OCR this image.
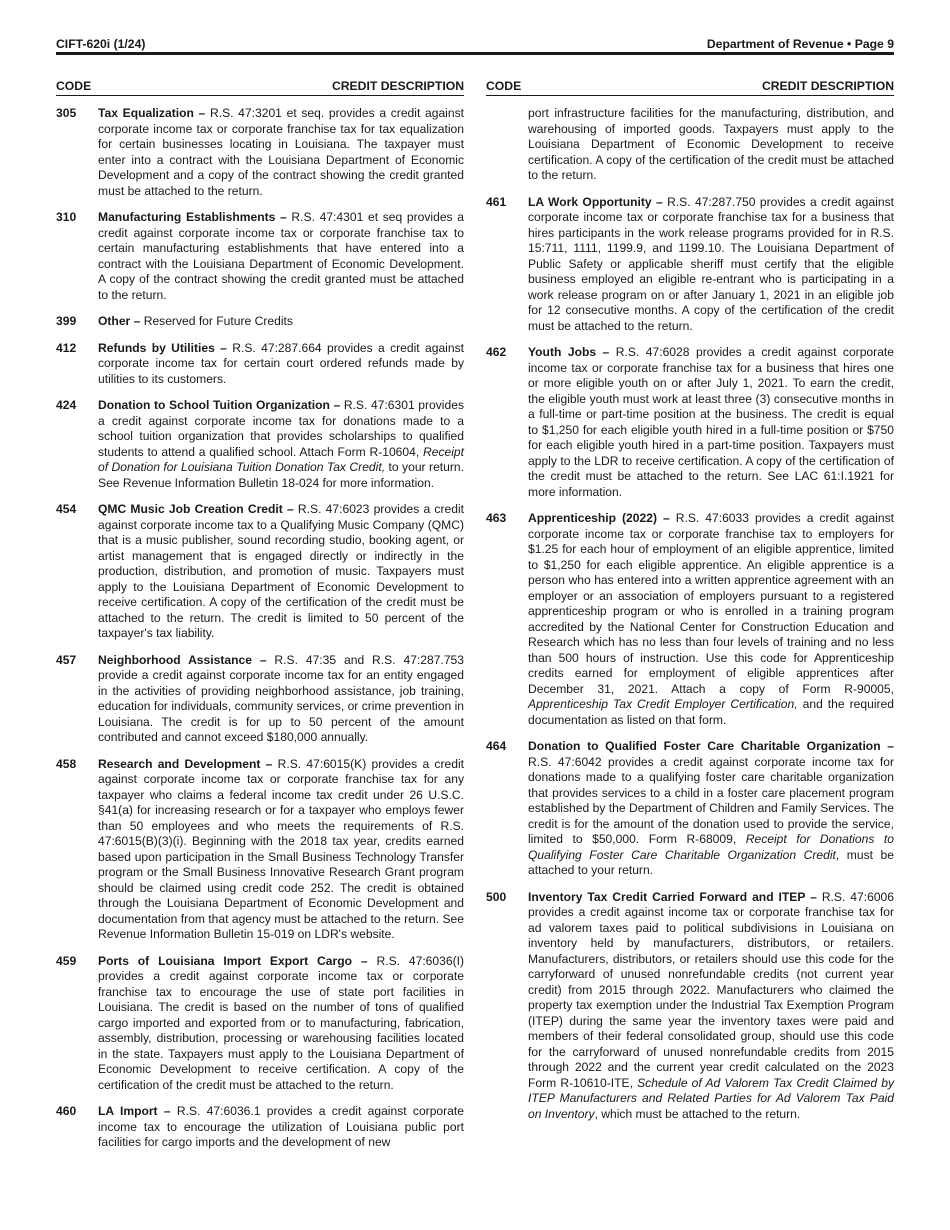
CIFT-620i (1/24)	Department of Revenue • Page 9
CODE	CREDIT DESCRIPTION
305	Tax Equalization – R.S. 47:3201 et seq. provides a credit against corporate income tax or corporate franchise tax for tax equalization for certain businesses locating in Louisiana. The taxpayer must enter into a contract with the Louisiana Department of Economic Development and a copy of the contract showing the credit granted must be attached to the return.
310	Manufacturing Establishments – R.S. 47:4301 et seq provides a credit against corporate income tax or corporate franchise tax to certain manufacturing establishments that have entered into a contract with the Louisiana Department of Economic Development. A copy of the contract showing the credit granted must be attached to the return.
399	Other – Reserved for Future Credits
412	Refunds by Utilities – R.S. 47:287.664 provides a credit against corporate income tax for certain court ordered refunds made by utilities to its customers.
424	Donation to School Tuition Organization – R.S. 47:6301 provides a credit against corporate income tax for donations made to a school tuition organization that provides scholarships to qualified students to attend a qualified school. Attach Form R-10604, Receipt of Donation for Louisiana Tuition Donation Tax Credit, to your return. See Revenue Information Bulletin 18-024 for more information.
454	QMC Music Job Creation Credit – R.S. 47:6023 provides a credit against corporate income tax to a Qualifying Music Company (QMC) that is a music publisher, sound recording studio, booking agent, or artist management that is engaged directly or indirectly in the production, distribution, and promotion of music. Taxpayers must apply to the Louisiana Department of Economic Development to receive certification. A copy of the certification of the credit must be attached to the return. The credit is limited to 50 percent of the taxpayer's tax liability.
457	Neighborhood Assistance – R.S. 47:35 and R.S. 47:287.753 provide a credit against corporate income tax for an entity engaged in the activities of providing neighborhood assistance, job training, education for individuals, community services, or crime prevention in Louisiana. The credit is for up to 50 percent of the amount contributed and cannot exceed $180,000 annually.
458	Research and Development – R.S. 47:6015(K) provides a credit against corporate income tax or corporate franchise tax for any taxpayer who claims a federal income tax credit under 26 U.S.C. §41(a) for increasing research or for a taxpayer who employs fewer than 50 employees and who meets the requirements of R.S. 47:6015(B)(3)(i). Beginning with the 2018 tax year, credits earned based upon participation in the Small Business Technology Transfer program or the Small Business Innovative Research Grant program should be claimed using credit code 252. The credit is obtained through the Louisiana Department of Economic Development and documentation from that agency must be attached to the return. See Revenue Information Bulletin 15-019 on LDR's website.
459	Ports of Louisiana Import Export Cargo – R.S. 47:6036(I) provides a credit against corporate income tax or corporate franchise tax to encourage the use of state port facilities in Louisiana. The credit is based on the number of tons of qualified cargo imported and exported from or to manufacturing, fabrication, assembly, distribution, processing or warehousing facilities located in the state. Taxpayers must apply to the Louisiana Department of Economic Development to receive certification. A copy of the certification of the credit must be attached to the return.
460	LA Import – R.S. 47:6036.1 provides a credit against corporate income tax to encourage the utilization of Louisiana public port facilities for cargo imports and the development of new
CODE	CREDIT DESCRIPTION
port infrastructure facilities for the manufacturing, distribution, and warehousing of imported goods. Taxpayers must apply to the Louisiana Department of Economic Development to receive certification. A copy of the certification of the credit must be attached to the return.
461	LA Work Opportunity – R.S. 47:287.750 provides a credit against corporate income tax or corporate franchise tax for a business that hires participants in the work release programs provided for in R.S. 15:711, 1111, 1199.9, and 1199.10. The Louisiana Department of Public Safety or applicable sheriff must certify that the eligible business employed an eligible re-entrant who is participating in a work release program on or after January 1, 2021 in an eligible job for 12 consecutive months. A copy of the certification of the credit must be attached to the return.
462	Youth Jobs – R.S. 47:6028 provides a credit against corporate income tax or corporate franchise tax for a business that hires one or more eligible youth on or after July 1, 2021. To earn the credit, the eligible youth must work at least three (3) consecutive months in a full-time or part-time position at the business. The credit is equal to $1,250 for each eligible youth hired in a full-time position or $750 for each eligible youth hired in a part-time position. Taxpayers must apply to the LDR to receive certification. A copy of the certification of the credit must be attached to the return. See LAC 61:I.1921 for more information.
463	Apprenticeship (2022) – R.S. 47:6033 provides a credit against corporate income tax or corporate franchise tax to employers for $1.25 for each hour of employment of an eligible apprentice, limited to $1,250 for each eligible apprentice. An eligible apprentice is a person who has entered into a written apprentice agreement with an employer or an association of employers pursuant to a registered apprenticeship program or who is enrolled in a training program accredited by the National Center for Construction Education and Research which has no less than four levels of training and no less than 500 hours of instruction. Use this code for Apprenticeship credits earned for employment of eligible apprentices after December 31, 2021. Attach a copy of Form R-90005, Apprenticeship Tax Credit Employer Certification, and the required documentation as listed on that form.
464	Donation to Qualified Foster Care Charitable Organization – R.S. 47:6042 provides a credit against corporate income tax for donations made to a qualifying foster care charitable organization that provides services to a child in a foster care placement program established by the Department of Children and Family Services. The credit is for the amount of the donation used to provide the service, limited to $50,000. Form R-68009, Receipt for Donations to Qualifying Foster Care Charitable Organization Credit, must be attached to your return.
500	Inventory Tax Credit Carried Forward and ITEP – R.S. 47:6006 provides a credit against income tax or corporate franchise tax for ad valorem taxes paid to political subdivisions in Louisiana on inventory held by manufacturers, distributors, or retailers. Manufacturers, distributors, or retailers should use this code for the carryforward of unused nonrefundable credits (not current year credit) from 2015 through 2022. Manufacturers who claimed the property tax exemption under the Industrial Tax Exemption Program (ITEP) during the same year the inventory taxes were paid and members of their federal consolidated group, should use this code for the carryforward of unused nonrefundable credits from 2015 through 2022 and the current year credit calculated on the 2023 Form R-10610-ITE, Schedule of Ad Valorem Tax Credit Claimed by ITEP Manufacturers and Related Parties for Ad Valorem Tax Paid on Inventory, which must be attached to the return.
